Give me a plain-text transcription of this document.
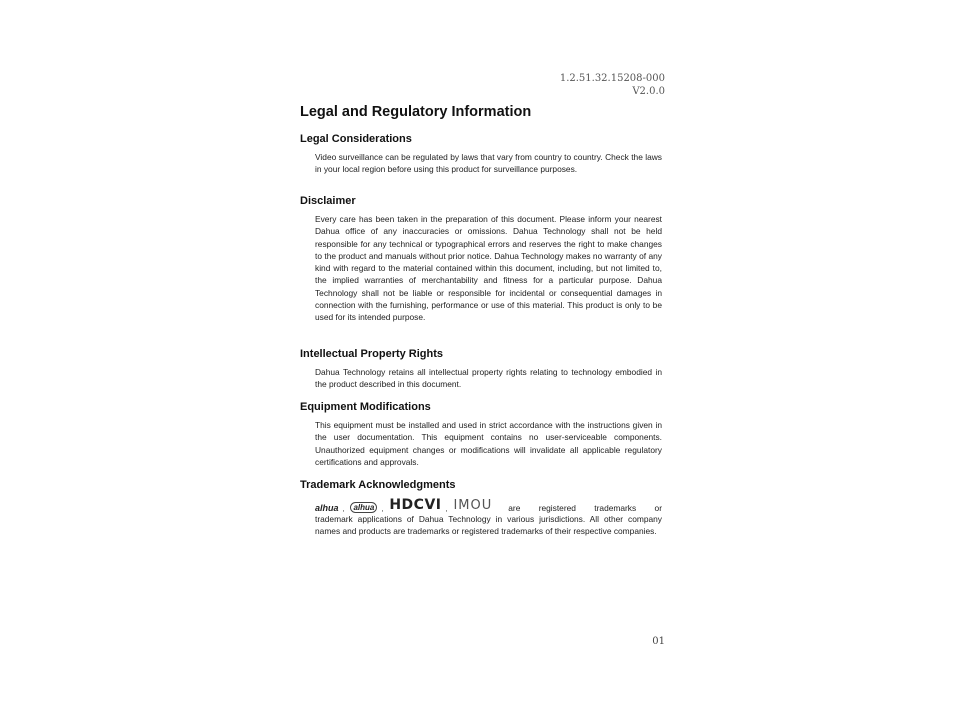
1.2.51.32.15208-000
V2.0.0
Legal and Regulatory Information
Legal Considerations

Video surveillance can be regulated by laws that vary from country to country. Check the laws in your local region before using this product for surveillance purposes.

Disclaimer

Every care has been taken in the preparation of this document. Please inform your nearest Dahua office of any inaccuracies or omissions. Dahua Technology shall not be held responsible for any technical or typographical errors and reserves the right to make changes to the product and manuals without prior notice. Dahua Technology makes no warranty of any kind with regard to the material contained within this document, including, but not limited to, the implied warranties of merchantability and fitness for a particular purpose. Dahua Technology shall not be liable or responsible for incidental or consequential damages in connection with the furnishing, performance or use of this material. This product is only to be used for its intended purpose.

Intellectual Property Rights

Dahua Technology retains all intellectual property rights relating to technology embodied in the product described in this document.

Equipment Modifications

This equipment must be installed and used in strict accordance with the instructions given in the user documentation. This equipment contains no user-serviceable components. Unauthorized equipment changes or modifications will invalidate all applicable regulatory certifications and approvals.

Trademark Acknowledgments
alhua ,	alhua	, HDCVI , IMOU are registered trademarks or

trademark applications of Dahua Technology in various jurisdictions. All other company names and products are trademarks or registered trademarks of their respective companies.

01
